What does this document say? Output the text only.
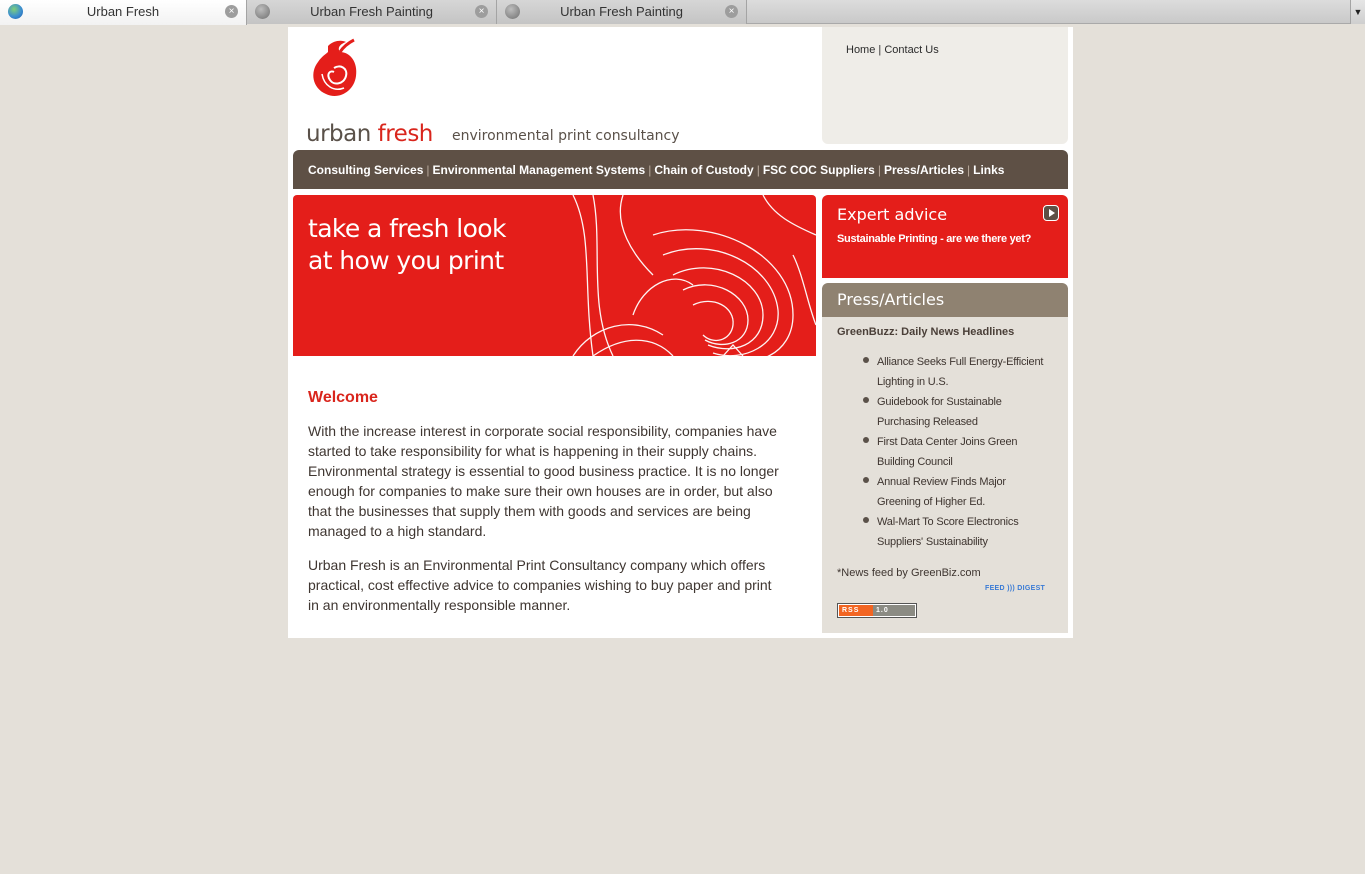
Urban Fresh	×	Urban Fresh Painting	×	Urban Fresh Painting	×	▼
urban fresh environmental print consultancy
Home | Contact Us
Consulting Services | Environmental Management Systems | Chain of Custody | FSC COC Suppliers | Press/Articles | Links
take a fresh look
at how you print
Welcome

With the increase interest in corporate social responsibility, companies have started to take responsibility for what is happening in their supply chains. Environmental strategy is essential to good business practice. It is no longer enough for companies to make sure their own houses are in order, but also that the businesses that supply them with goods and services are being managed to a high standard.

Urban Fresh is an Environmental Print Consultancy company which offers practical, cost effective advice to companies wishing to buy paper and print in an environmentally responsible manner.

Expert advice
Sustainable Printing - are we there yet?
Press/Articles
GreenBuzz: Daily News Headlines
Alliance Seeks Full Energy-Efficient Lighting in U.S.
Guidebook for Sustainable Purchasing Released
First Data Center Joins Green Building Council
Annual Review Finds Major Greening of Higher Ed.
Wal-Mart To Score Electronics Suppliers' Sustainability
*News feed by GreenBiz.com
FEED ))) DIGEST
RSS	1.0
